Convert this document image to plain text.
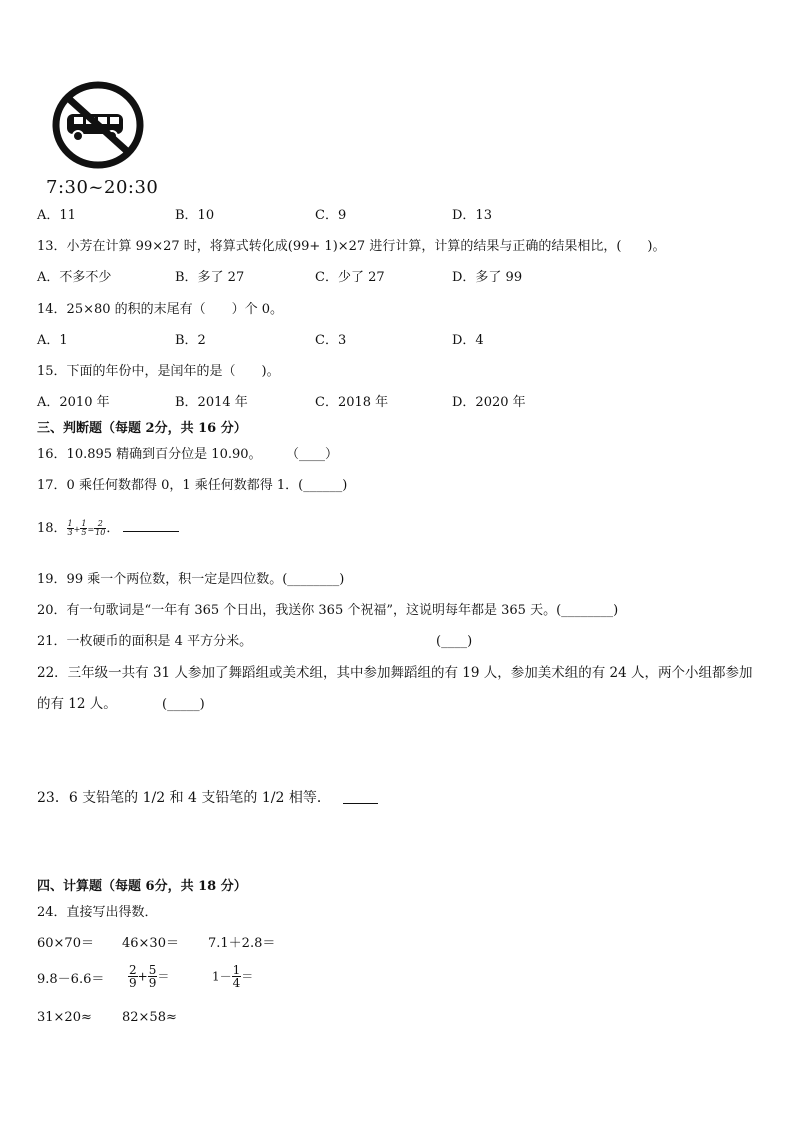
7:30~20:30
A．11	B．10	C．9	D．13
13．小芳在计算 99×27 时，将算式转化成(99+ 1)×27 进行计算，计算的结果与正确的结果相比，(　　)。
A．不多不少	B．多了 27	C．少了 27	D．多了 99
14．25×80 的积的末尾有（　　）个 0。
A．1	B．2	C．3	D．4
15．下面的年份中，是闰年的是（　　)。
A．2010 年	B．2014 年	C．2018 年	D．2020 年
三、判断题（每题 2分，共 16 分）
16．10.895 精确到百分位是 10.90。 （____）
17．0 乘任何数都得 0，1 乘任何数都得 1．(______)
18． $\frac{1}{3} + \frac{1}{5} = \frac{2}{10}$ ．
19．99 乘一个两位数，积一定是四位数。(________)
20．有一句歌词是“一年有 365 个日出，我送你 365 个祝福”，这说明每年都是 365 天。(________)
21．一枚硬币的面积是 4 平方分米。	(____)
22．三年级一共有 31 人参加了舞蹈组或美术组，其中参加舞蹈组的有 19 人，参加美术组的有 24 人，两个小组都参加
的有 12 人。	(_____)
23．6 支铅笔的 1/2 和 4 支铅笔的 1/2 相等．
四、计算题（每题 6分，共 18 分）
24．直接写出得数．
60×70＝ 46×30＝ 7.1＋2.8＝
$9.8-6.6= \frac{2}{9} + \frac{5}{9}$ ＝	$1- \frac{1}{4}$ ＝
31×20≈ 82×58≈
